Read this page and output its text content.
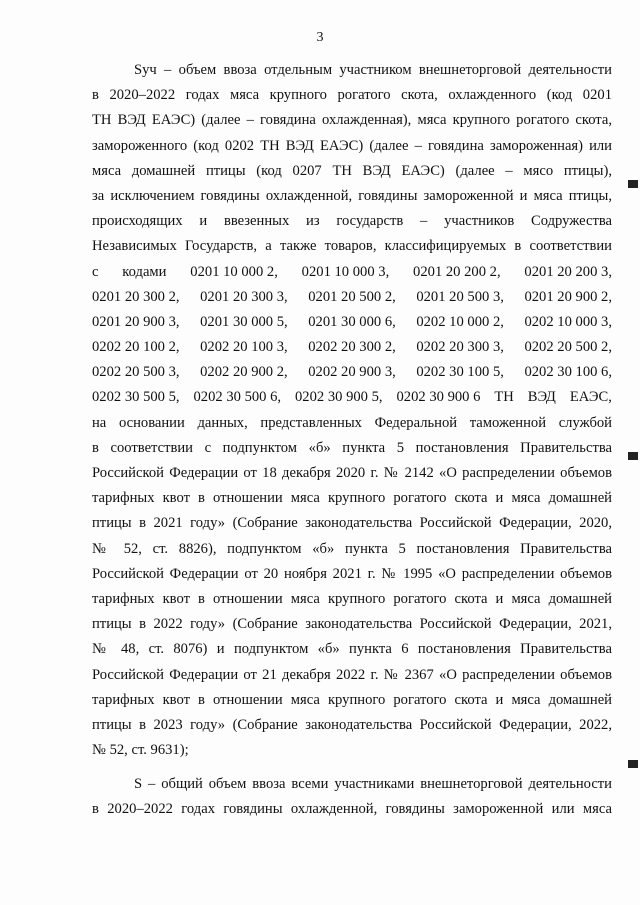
3
Sуч – объем ввоза отдельным участником внешнеторговой деятельности
в 2020–2022 годах мяса крупного рогатого скота, охлажденного (код 0201
ТН ВЭД ЕАЭС) (далее – говядина охлажденная), мяса крупного рогатого скота,
замороженного (код 0202 ТН ВЭД ЕАЭС) (далее – говядина замороженная) или
мяса домашней птицы (код 0207 ТН ВЭД ЕАЭС) (далее – мясо птицы),
за исключением говядины охлажденной, говядины замороженной и мяса птицы,
происходящих и ввезенных из государств – участников Содружества
Независимых Государств, а также товаров, классифицируемых в соответствии
с кодами 0201 10 000 2, 0201 10 000 3, 0201 20 200 2, 0201 20 200 3,
0201 20 300 2, 0201 20 300 3, 0201 20 500 2, 0201 20 500 3, 0201 20 900 2,
0201 20 900 3, 0201 30 000 5, 0201 30 000 6, 0202 10 000 2, 0202 10 000 3,
0202 20 100 2, 0202 20 100 3, 0202 20 300 2, 0202 20 300 3, 0202 20 500 2,
0202 20 500 3, 0202 20 900 2, 0202 20 900 3, 0202 30 100 5, 0202 30 100 6,
0202 30 500 5, 0202 30 500 6, 0202 30 900 5, 0202 30 900 6 ТН ВЭД ЕАЭС,
на основании данных, представленных Федеральной таможенной службой
в соответствии с подпунктом «б» пункта 5 постановления Правительства
Российской Федерации от 18 декабря 2020 г. № 2142 «О распределении объемов
тарифных квот в отношении мяса крупного рогатого скота и мяса домашней
птицы в 2021 году» (Собрание законодательства Российской Федерации, 2020,
№ 52, ст. 8826), подпунктом «б» пункта 5 постановления Правительства
Российской Федерации от 20 ноября 2021 г. № 1995 «О распределении объемов
тарифных квот в отношении мяса крупного рогатого скота и мяса домашней
птицы в 2022 году» (Собрание законодательства Российской Федерации, 2021,
№ 48, ст. 8076) и подпунктом «б» пункта 6 постановления Правительства
Российской Федерации от 21 декабря 2022 г. № 2367 «О распределении объемов
тарифных квот в отношении мяса крупного рогатого скота и мяса домашней
птицы в 2023 году» (Собрание законодательства Российской Федерации, 2022,
№ 52, ст. 9631);
S – общий объем ввоза всеми участниками внешнеторговой деятельности
в 2020–2022 годах говядины охлажденной, говядины замороженной или мяса
